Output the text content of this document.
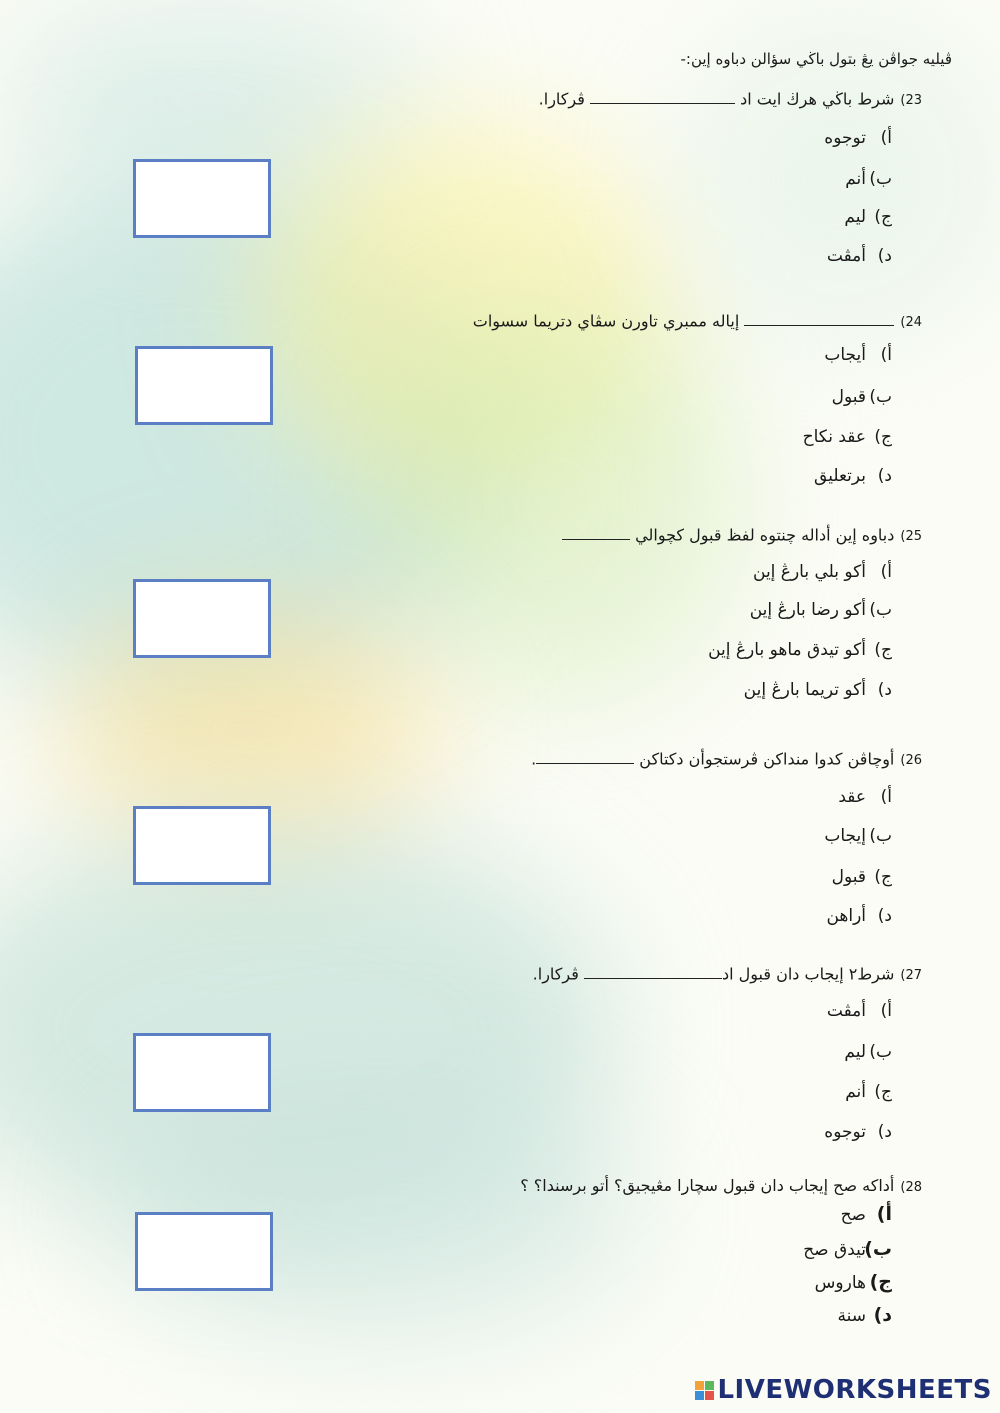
ڤيليه جواڤن يڠ بتول باڬي سؤالن دباوه إين:-
23)شرط باڬي هرڬ ايت اد  ڤركارا.
أ)توجوه
ب)أنم
ج)ليم
د)أمڤت
24) إياله ممبري تاورن سڤاي دتريما سسوات
أ)أيجاب
ب)قبول
ج)عقد نكاح
د)برتعليق
25)دباوه إين أداله چنتوه لفظ قبول كچوالي
أ)أكو بلي بارڠ إين
ب)أكو رضا بارڠ إين
ج)أكو تيدق ماهو بارڠ إين
د)أكو تريما بارڠ إين
26)أوچاڤن كدوا منداكن ڤرستجوأن دكتاكن .
أ)عقد
ب)إيجاب
ج)قبول
د)أراهن
27)شرط٢ إيجاب دان قبول اد ڤركارا.
أ)أمڤت
ب)ليم
ج)أنم
د)توجوه
28)أداكه صح إيجاب دان قبول سچارا مڠيجيق؟ أتو برسندا؟ ؟
أ)صح
ب)تيدق صح
ج)هاروس
د)سنة
LIVEWORKSHEETS
